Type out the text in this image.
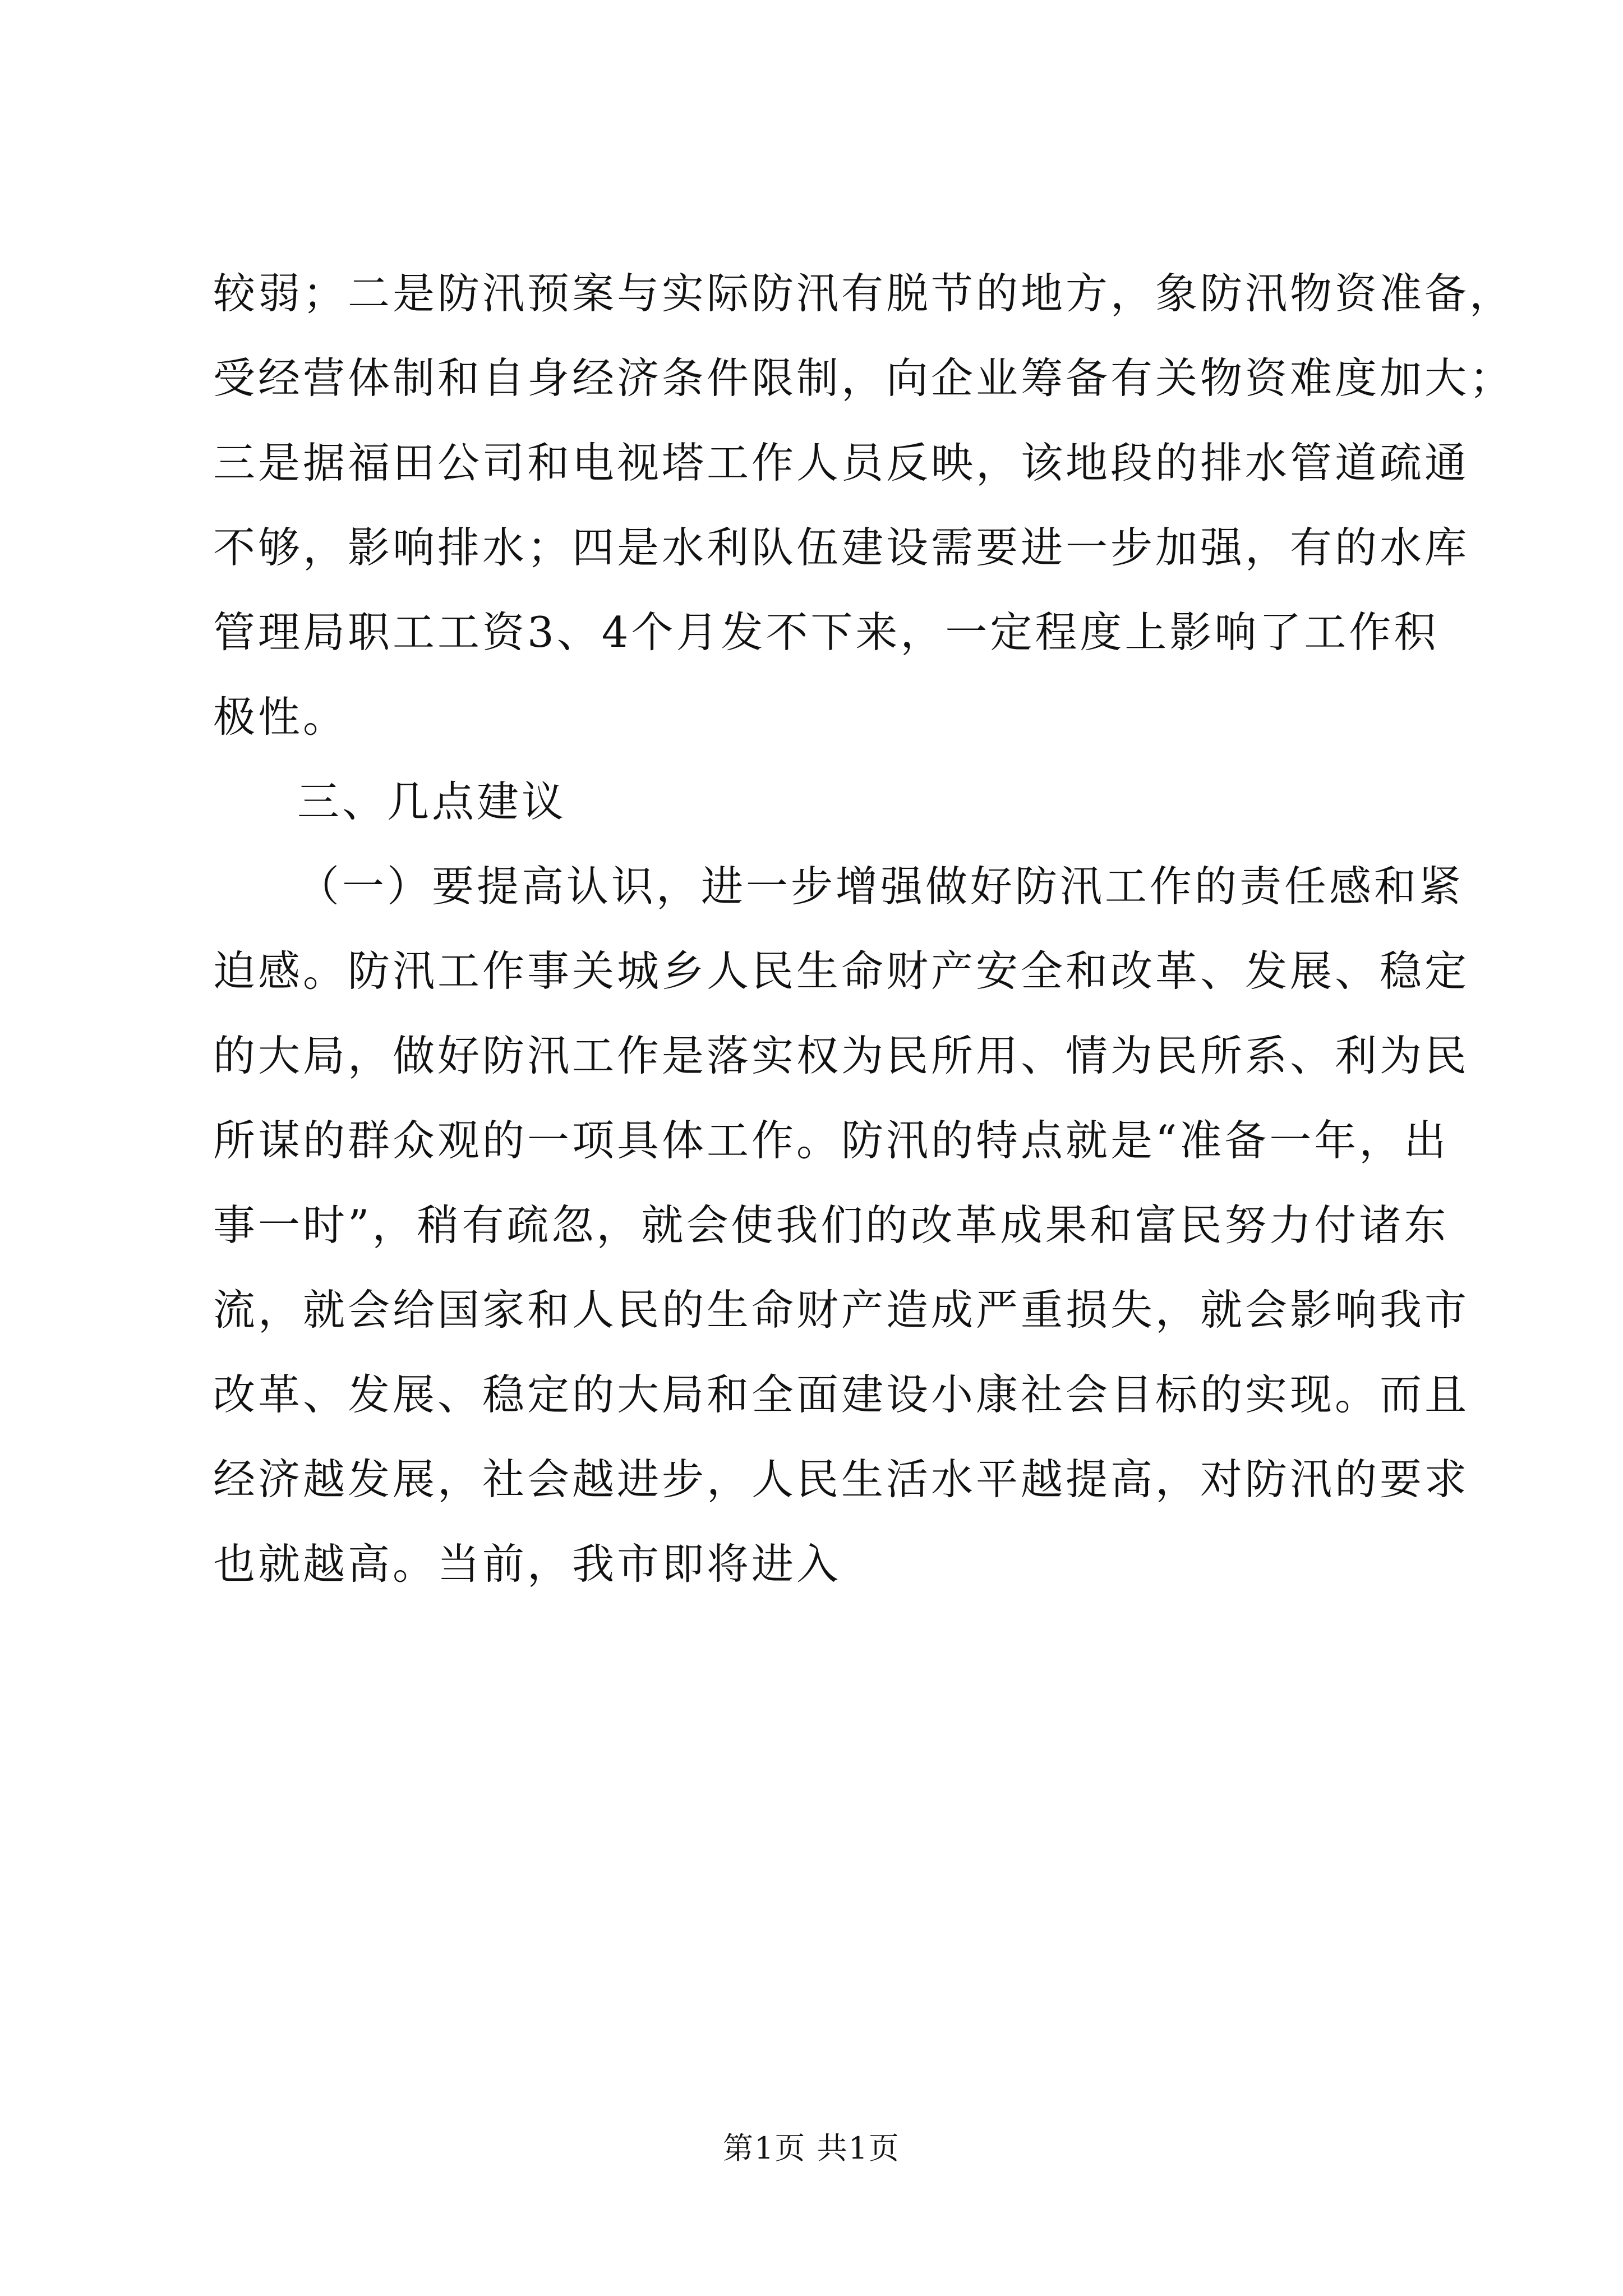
较弱；二是防汛预案与实际防汛有脱节的地方，象防汛物资准备，
受经营体制和自身经济条件限制，向企业筹备有关物资难度加大；
三是据福田公司和电视塔工作人员反映，该地段的排水管道疏通
不够，影响排水；四是水利队伍建设需要进一步加强，有的水库
管理局职工工资3、4个月发不下来，一定程度上影响了工作积
极性。
三、几点建议
（一）要提高认识，进一步增强做好防汛工作的责任感和紧
迫感。防汛工作事关城乡人民生命财产安全和改革、发展、稳定
的大局，做好防汛工作是落实权为民所用、情为民所系、利为民
所谋的群众观的一项具体工作。防汛的特点就是“准备一年，出
事一时”，稍有疏忽，就会使我们的改革成果和富民努力付诸东
流，就会给国家和人民的生命财产造成严重损失，就会影响我市
改革、发展、稳定的大局和全面建设小康社会目标的实现。而且
经济越发展，社会越进步，人民生活水平越提高，对防汛的要求
也就越高。当前，我市即将进入
第1页 共1页
